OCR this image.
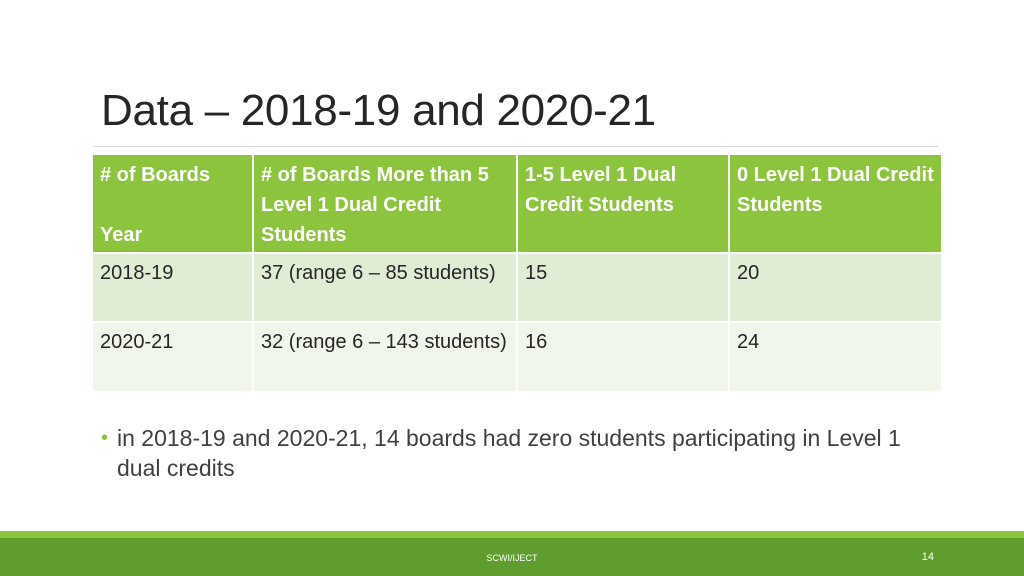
Data – 2018-19 and 2020-21
# of Boards
Year	# of Boards More than 5 Level 1 Dual Credit Students	1-5 Level 1 Dual Credit Students	0 Level 1 Dual Credit Students
2018-19	37 (range 6 – 85 students)	15	20
2020-21	32 (range 6 – 143 students)	16	24
• in 2018-19 and 2020-21, 14 boards had zero students participating in Level 1 dual credits
SCWI/IJECT	14
